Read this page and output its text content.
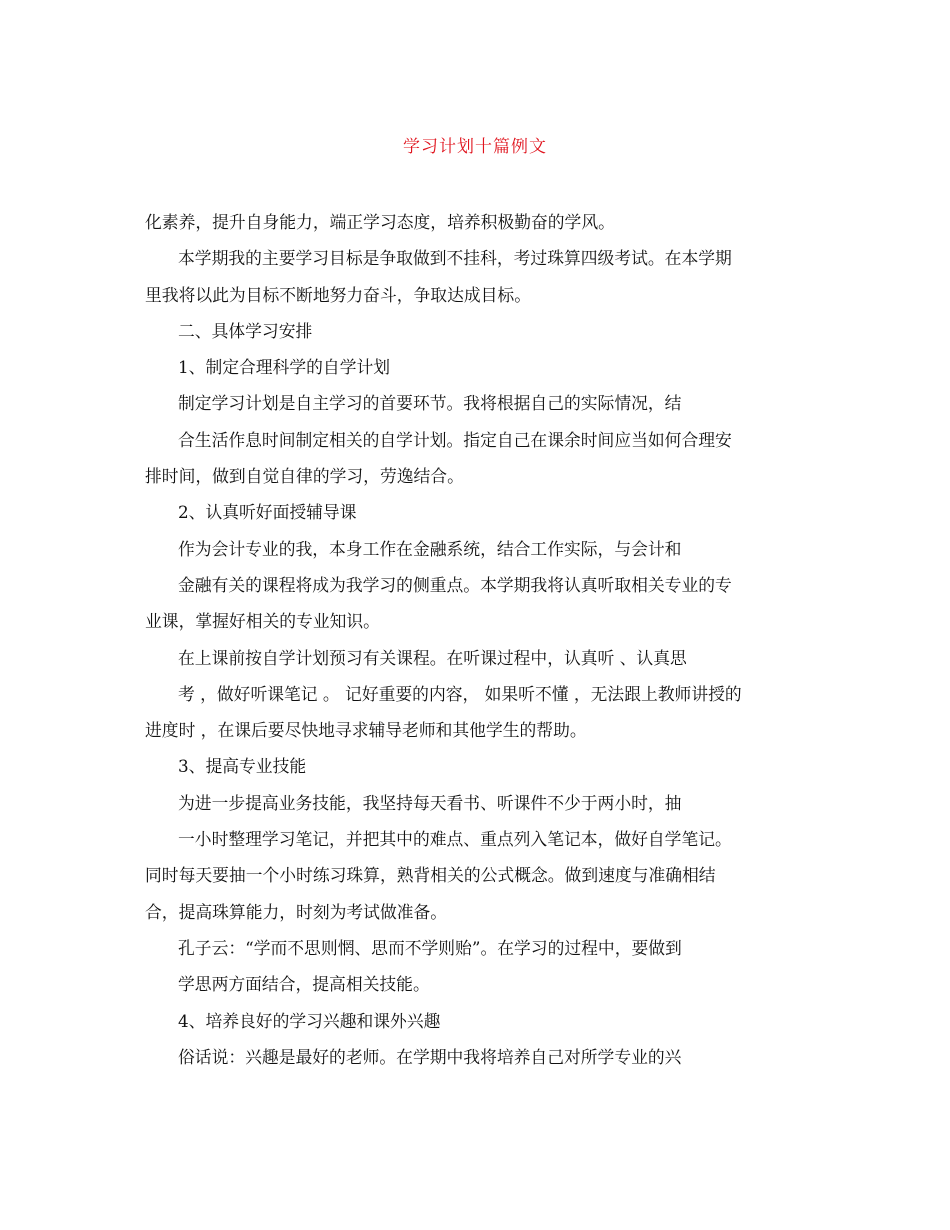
学习计划十篇例文
化素养，提升自身能力，端正学习态度，培养积极勤奋的学风。
本学期我的主要学习目标是争取做到不挂科，考过珠算四级考试。在本学期
里我将以此为目标不断地努力奋斗，争取达成目标。
二、具体学习安排
1、制定合理科学的自学计划
制定学习计划是自主学习的首要环节。我将根据自己的实际情况，结
合生活作息时间制定相关的自学计划。指定自己在课余时间应当如何合理安
排时间，做到自觉自律的学习，劳逸结合。
2、认真听好面授辅导课
作为会计专业的我，本身工作在金融系统，结合工作实际，与会计和
金融有关的课程将成为我学习的侧重点。本学期我将认真听取相关专业的专
业课，掌握好相关的专业知识。
在上课前按自学计划预习有关课程。在听课过程中，认真听 、认真思
考 ，做好听课笔记 。 记好重要的内容， 如果听不懂 ，无法跟上教师讲授的
进度时 ，在课后要尽快地寻求辅导老师和其他学生的帮助。
3、提高专业技能
为进一步提高业务技能，我坚持每天看书、听课件不少于两小时，抽
一小时整理学习笔记，并把其中的难点、重点列入笔记本，做好自学笔记。
同时每天要抽一个小时练习珠算，熟背相关的公式概念。做到速度与准确相结
合，提高珠算能力，时刻为考试做准备。
孔子云：“学而不思则惘、思而不学则贻”。在学习的过程中，要做到
学思两方面结合，提高相关技能。
4、培养良好的学习兴趣和课外兴趣
俗话说：兴趣是最好的老师。在学期中我将培养自己对所学专业的兴
